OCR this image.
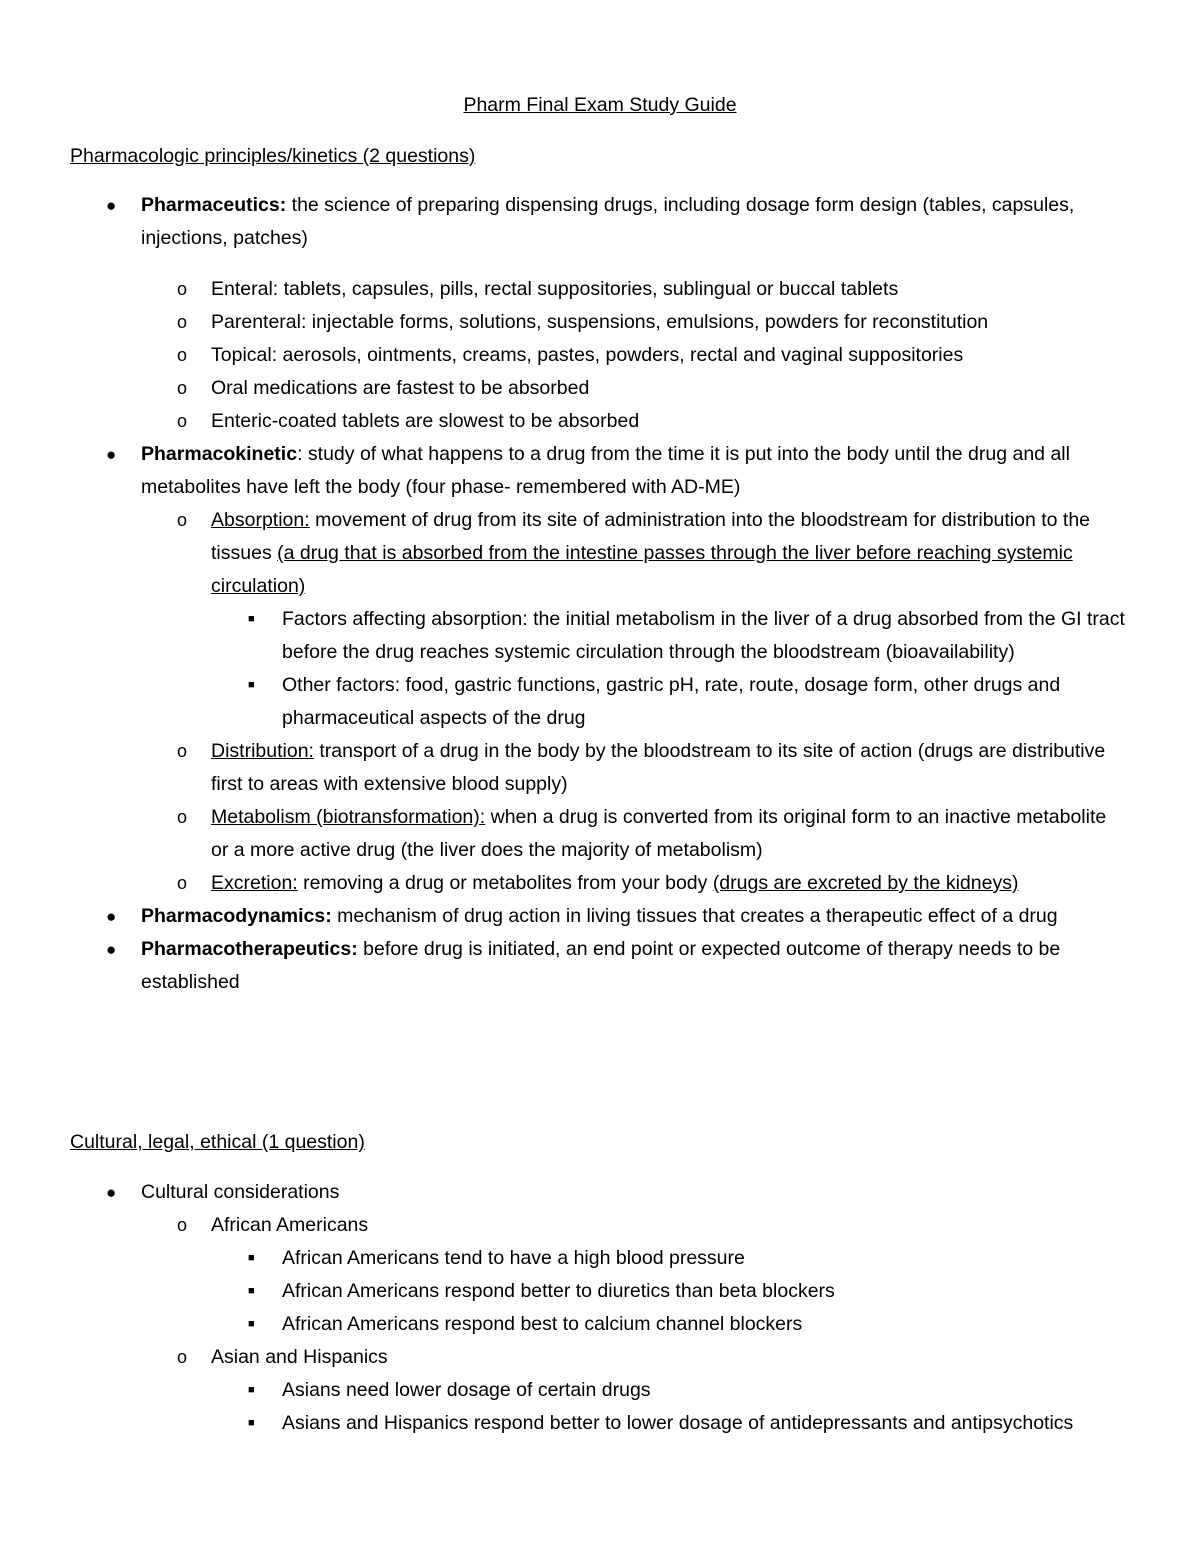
Pharm Final Exam Study Guide
Pharmacologic principles/kinetics (2 questions)
● Pharmaceutics: the science of preparing dispensing drugs, including dosage form design (tables, capsules, injections, patches)
o Enteral: tablets, capsules, pills, rectal suppositories, sublingual or buccal tablets
o Parenteral: injectable forms, solutions, suspensions, emulsions, powders for reconstitution
o Topical: aerosols, ointments, creams, pastes, powders, rectal and vaginal suppositories
o Oral medications are fastest to be absorbed
o Enteric-coated tablets are slowest to be absorbed
● Pharmacokinetic: study of what happens to a drug from the time it is put into the body until the drug and all metabolites have left the body (four phase- remembered with AD-ME)
o Absorption: movement of drug from its site of administration into the bloodstream for distribution to the tissues (a drug that is absorbed from the intestine passes through the liver before reaching systemic circulation)
■ Factors affecting absorption: the initial metabolism in the liver of a drug absorbed from the GI tract before the drug reaches systemic circulation through the bloodstream (bioavailability)
■ Other factors: food, gastric functions, gastric pH, rate, route, dosage form, other drugs and pharmaceutical aspects of the drug
o Distribution: transport of a drug in the body by the bloodstream to its site of action (drugs are distributive first to areas with extensive blood supply)
o Metabolism (biotransformation): when a drug is converted from its original form to an inactive metabolite or a more active drug (the liver does the majority of metabolism)
o Excretion: removing a drug or metabolites from your body (drugs are excreted by the kidneys)
● Pharmacodynamics: mechanism of drug action in living tissues that creates a therapeutic effect of a drug
● Pharmacotherapeutics: before drug is initiated, an end point or expected outcome of therapy needs to be established
Cultural, legal, ethical (1 question)
● Cultural considerations
o African Americans
■ African Americans tend to have a high blood pressure
■ African Americans respond better to diuretics than beta blockers
■ African Americans respond best to calcium channel blockers
o Asian and Hispanics
■ Asians need lower dosage of certain drugs
■ Asians and Hispanics respond better to lower dosage of antidepressants and antipsychotics
